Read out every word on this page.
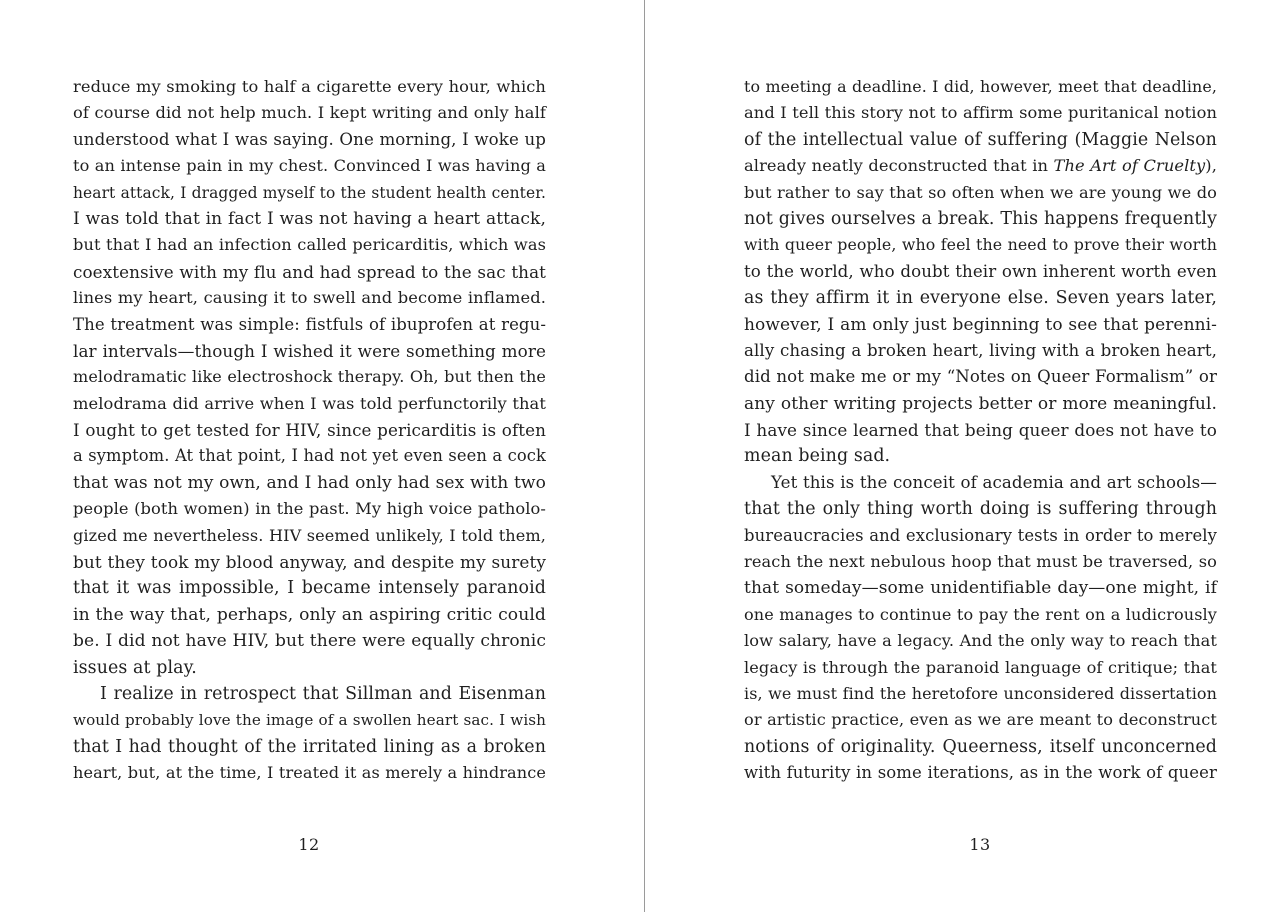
reduce my smoking to half a cigarette every hour, which
of course did not help much. I kept writing and only half
understood what I was saying. One morning, I woke up
to an intense pain in my chest. Convinced I was having a
heart attack, I dragged myself to the student health center.
I was told that in fact I was not having a heart attack,
but that I had an infection called pericarditis, which was
coextensive with my flu and had spread to the sac that
lines my heart, causing it to swell and become inflamed.
The treatment was simple: fistfuls of ibuprofen at regu-
lar intervals—though I wished it were something more
melodramatic like electroshock therapy. Oh, but then the
melodrama did arrive when I was told perfunctorily that
I ought to get tested for HIV, since pericarditis is often
a symptom. At that point, I had not yet even seen a cock
that was not my own, and I had only had sex with two
people (both women) in the past. My high voice patholo-
gized me nevertheless. HIV seemed unlikely, I told them,
but they took my blood anyway, and despite my surety
that it was impossible, I became intensely paranoid
in the way that, perhaps, only an aspiring critic could
be. I did not have HIV, but there were equally chronic
issues at play.
I realize in retrospect that Sillman and Eisenman
would probably love the image of a swollen heart sac. I wish
that I had thought of the irritated lining as a broken
heart, but, at the time, I treated it as merely a hindrance
12
to meeting a deadline. I did, however, meet that deadline,
and I tell this story not to affirm some puritanical notion
of the intellectual value of suffering (Maggie Nelson
already neatly deconstructed that in The Art of Cruelty),
but rather to say that so often when we are young we do
not gives ourselves a break. This happens frequently
with queer people, who feel the need to prove their worth
to the world, who doubt their own inherent worth even
as they affirm it in everyone else. Seven years later,
however, I am only just beginning to see that perenni-
ally chasing a broken heart, living with a broken heart,
did not make me or my “Notes on Queer Formalism” or
any other writing projects better or more meaningful.
I have since learned that being queer does not have to
mean being sad.
Yet this is the conceit of academia and art schools—
that the only thing worth doing is suffering through
bureaucracies and exclusionary tests in order to merely
reach the next nebulous hoop that must be traversed, so
that someday—some unidentifiable day—one might, if
one manages to continue to pay the rent on a ludicrously
low salary, have a legacy. And the only way to reach that
legacy is through the paranoid language of critique; that
is, we must find the heretofore unconsidered dissertation
or artistic practice, even as we are meant to deconstruct
notions of originality. Queerness, itself unconcerned
with futurity in some iterations, as in the work of queer
13
